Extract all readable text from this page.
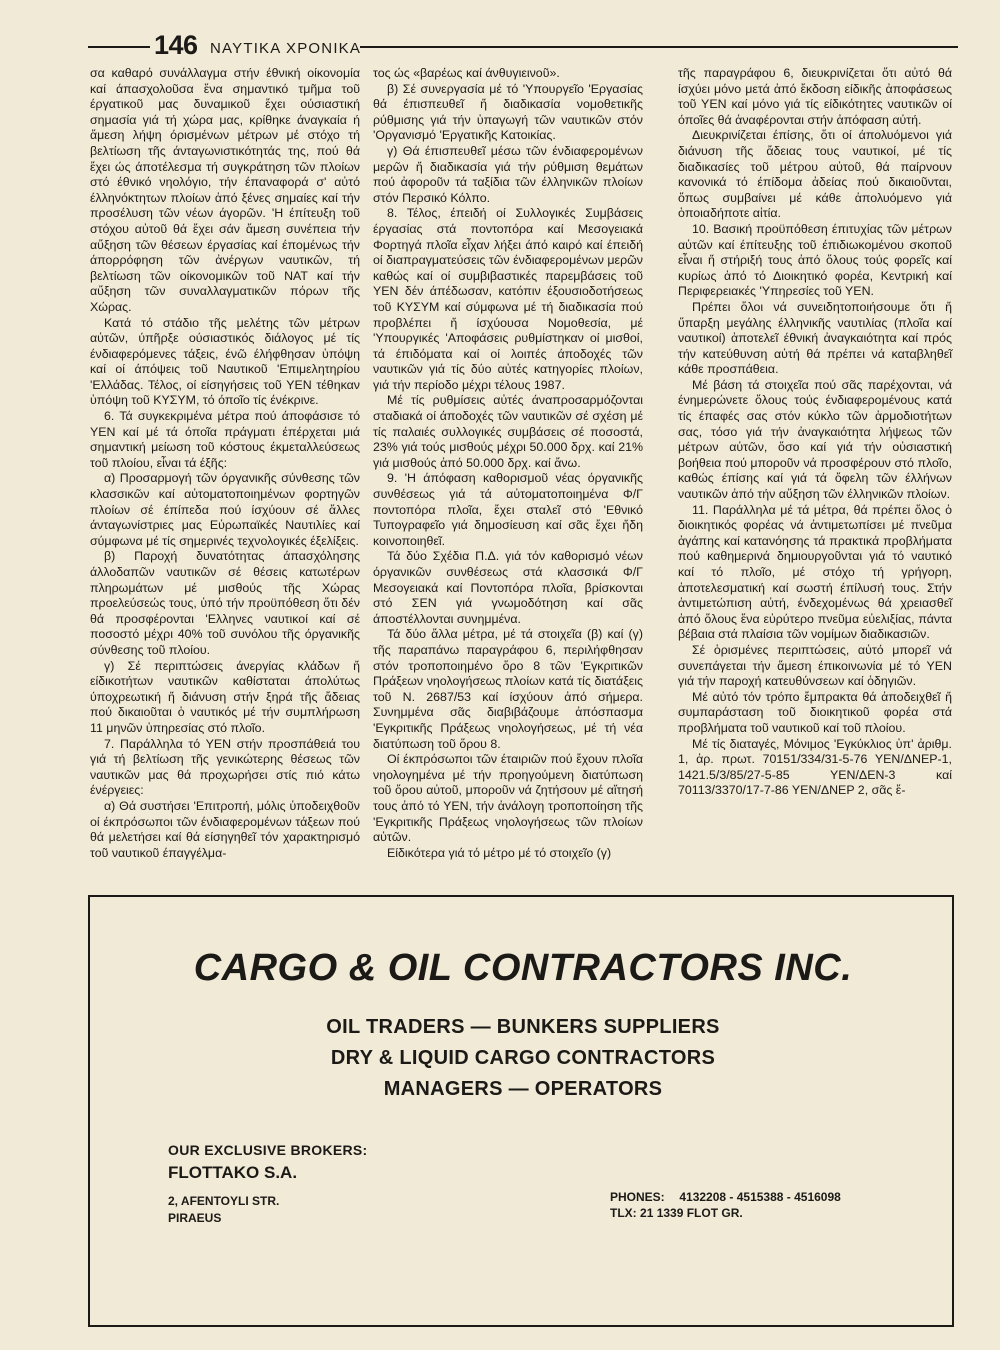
146 ΝΑΥΤΙΚΑ ΧΡΟΝΙΚΑ

σα καθαρό συνάλλαγμα στήν έθνική οίκονομία καί άπασχολοῦσα ἕνα σημαντικό τμῆμα τοῦ έργατικοῦ μας δυναμικοῦ ἔχει ούσιαστική σημασία γιά τή χώρα μας, κρίθηκε άναγκαία ή ἄμεση λήψη όρισμένων μέτρων μέ στόχο τή βελτίωση τῆς άνταγωνιστικότητάς της, πού θά ἔχει ώς άποτέλεσμα τή συγκράτηση τῶν πλοίων στό έθνικό νηολόγιο, τήν έπαναφορά σ' αὐτό έλληνόκτητων πλοίων ἀπό ξένες σημαίες καί τήν προσέλυση τῶν νέων άγορῶν. 'Η έπίτευξη τοῦ στόχου αὐτοῦ θά ἔχει σάν ἄμεση συνέπεια τήν αὔξηση τῶν θέσεων έργασίας καί έπομένως τήν άπορρόφηση τῶν ἀνέργων ναυτικῶν, τή βελτίωση τῶν οίκονομικῶν τοῦ ΝΑΤ καί τήν αὔξηση τῶν συναλλαγματικῶν πόρων τῆς Χώρας.

Κατά τό στάδιο τῆς μελέτης τῶν μέτρων αὐτῶν, ύπῆρξε ούσιαστικός διάλογος μέ τίς ένδιαφερόμενες τάξεις, ένῶ έλήφθησαν ὑπόψη καί οί άπόψεις τοῦ Ναυτικοῦ 'Επιμελητηρίου 'Ελλάδας. Τέλος, οί είσηγήσεις τοῦ ΥΕΝ τέθηκαν ὑπόψη τοῦ ΚΥΣΥΜ, τό όποῖο τίς ένέκρινε.

6. Τά συγκεκριμένα μέτρα πού άποφάσισε τό ΥΕΝ καί μέ τά όποῖα πράγματι έπέρχεται μιά σημαντική μείωση τοῦ κόστους έκμεταλλεύσεως τοῦ πλοίου, εἶναι τά έξῆς:

α) Προσαρμογή τῶν όργανικῆς σύνθεσης τῶν κλασσικῶν καί αὐτοματοποιημένων φορτηγῶν πλοίων σέ έπίπεδα πού ίσχύουν σέ ἄλλες άνταγωνίστριες μας Εὐρωπαϊκές Ναυτιλίες καί σύμφωνα μέ τίς σημερινές τεχνολογικές έξελίξεις.

β) Παροχή δυνατότητας άπασχόλησης άλλοδαπῶν ναυτικῶν σέ θέσεις κατωτέρων πληρωμάτων μέ μισθούς τῆς Χώρας προελεύσεώς τους, ὑπό τήν προϋπόθεση ὅτι δέν θά προσφέρονται 'Ελληνες ναυτικοί καί σέ ποσοστό μέχρι 40% τοῦ συνόλου τῆς όργανικῆς σύνθεσης τοῦ πλοίου.

γ) Σέ περιπτώσεις άνεργίας κλάδων ἤ είδικοτήτων ναυτικῶν καθίσταται άπολύτως ύποχρεωτική ἤ διάνυση στήν ξηρά τῆς ἄδειας πού δικαιοῦται ὁ ναυτικός μέ τήν συμπλήρωση 11 μηνῶν ὑπηρεσίας στό πλοῖο.

7. Παράλληλα τό ΥΕΝ στήν προσπάθειά του γιά τή βελτίωση τῆς γενικώτερης θέσεως τῶν ναυτικῶν μας θά προχωρήσει στίς πιό κάτω ένέργειες:

α) Θά συστήσει 'Επιτροπή, μόλις ὑποδειχθοῦν οί έκπρόσωποι τῶν ένδιαφερομένων τάξεων πού θά μελετήσει καί θά είσηγηθεῖ τόν χαρακτηρισμό τοῦ ναυτικοῦ έπαγγέλμα-

τος ώς «βαρέως καί άνθυγιεινοῦ».

β) Σέ συνεργασία μέ τό 'Υπουργεῖο 'Εργασίας θά έπισπευθεῖ ἤ διαδικασία νομοθετικῆς ρύθμισης γιά τήν ὑπαγωγή τῶν ναυτικῶν στόν 'Οργανισμό 'Εργατικῆς Κατοικίας.

γ) Θά έπισπευθεῖ μέσω τῶν ένδιαφερομένων μερῶν ἤ διαδικασία γιά τήν ρύθμιση θεμάτων πού ἀφοροῦν τά ταξίδια τῶν έλληνικῶν πλοίων στόν Περσικό Κόλπο.

8. Τέλος, έπειδή οί Συλλογικές Συμβάσεις έργασίας στά ποντοπόρα καί Μεσογειακά Φορτηγά πλοῖα εἶχαν λήξει άπό καιρό καί έπειδή οί διαπραγματεύσεις τῶν ένδιαφερομένων μερῶν καθώς καί οί συμβιβαστικές παρεμβάσεις τοῦ ΥΕΝ δέν άπέδωσαν, κατόπιν έξουσιοδοτήσεως τοῦ ΚΥΣΥΜ καί σύμφωνα μέ τή διαδικασία πού προβλέπει ἤ ίσχύουσα Νομοθεσία, μέ 'Υπουργικές 'Αποφάσεις ρυθμίστηκαν οί μισθοί, τά έπιδόματα καί οί λοιπές άποδοχές τῶν ναυτικῶν γιά τίς δύο αὐτές κατηγορίες πλοίων, γιά τήν περίοδο μέχρι τέλους 1987.

Μέ τίς ρυθμίσεις αὐτές άναπροσαρμόζονται σταδιακά οί άποδοχές τῶν ναυτικῶν σέ σχέση μέ τίς παλαιές συλλογικές συμβάσεις σέ ποσοστά, 23% γιά τούς μισθούς μέχρι 50.000 δρχ. καί 21% γιά μισθούς ἀπό 50.000 δρχ. καί ἄνω.

9. 'Η άπόφαση καθορισμοῦ νέας όργανικῆς συνθέσεως γιά τά αὐτοματοποιημένα Φ/Γ ποντοπόρα πλοῖα, ἔχει σταλεῖ στό 'Εθνικό Τυπογραφεῖο γιά δημοσίευση καί σᾶς ἔχει ἤδη κοινοποιηθεῖ.

Τά δύο Σχέδια Π.Δ. γιά τόν καθορισμό νέων όργανικῶν συνθέσεως στά κλασσικά Φ/Γ Μεσογειακά καί Ποντοπόρα πλοῖα, βρίσκονται στό ΣΕΝ γιά γνωμοδότηση καί σᾶς άποστέλλονται συνημμένα.

Τά δύο ἄλλα μέτρα, μέ τά στοιχεῖα (β) καί (γ) τῆς παραπάνω παραγράφου 6, περιλήφθησαν στόν τροποποιημένο ὅρο 8 τῶν 'Εγκριτικῶν Πράξεων νηολογήσεως πλοίων κατά τίς διατάξεις τοῦ Ν. 2687/53 καί ίσχύουν ἀπό σήμερα. Συνημμένα σᾶς διαβιβάζουμε ἀπόσπασμα 'Εγκριτικῆς Πράξεως νηολογήσεως, μέ τή νέα διατύπωση τοῦ ὅρου 8.

Οί έκπρόσωποι τῶν έταιριῶν πού ἔχουν πλοῖα νηολογημένα μέ τήν προηγούμενη διατύπωση τοῦ ὅρου αὐτοῦ, μποροῦν νά ζητήσουν μέ αἴτησή τους ἀπό τό ΥΕΝ, τήν ἀνάλογη τροποποίηση τῆς 'Εγκριτικῆς Πράξεως νηολογήσεως τῶν πλοίων αὐτῶν.

Είδικότερα γιά τό μέτρο μέ τό στοιχεῖο (γ)

τῆς παραγράφου 6, διευκρινίζεται ὅτι αὐτό θά ίσχύει μόνο μετά ἀπό ἔκδοση είδικῆς ἀποφάσεως τοῦ ΥΕΝ καί μόνο γιά τίς είδικότητες ναυτικῶν οί όποῖες θά ἀναφέρονται στήν ἀπόφαση αὐτή.

Διευκρινίζεται έπίσης, ὅτι οί άπολυόμενοι γιά διάνυση τῆς ἄδειας τους ναυτικοί, μέ τίς διαδικασίες τοῦ μέτρου αὐτοῦ, θά παίρνουν κανονικά τό έπίδομα ἀδείας πού δικαιοῦνται, ὅπως συμβαίνει μέ κάθε ἀπολυόμενο γιά ὁποιαδήποτε αἰτία.

10. Βασική προϋπόθεση έπιτυχίας τῶν μέτρων αὐτῶν καί έπίτευξης τοῦ έπιδιωκομένου σκοποῦ εἶναι ἤ στήριξή τους ἀπό ὅλους τούς φορεῖς καί κυρίως ἀπό τό Διοικητικό φορέα, Κεντρική καί Περιφερειακές 'Υπηρεσίες τοῦ ΥΕΝ.

Πρέπει ὅλοι νά συνειδητοποιήσουμε ὅτι ἤ ὕπαρξη μεγάλης έλληνικῆς ναυτιλίας (πλοῖα καί ναυτικοί) ἀποτελεῖ έθνική ἀναγκαιότητα καί πρός τήν κατεύθυνση αὐτή θά πρέπει νά καταβληθεῖ κάθε προσπάθεια.

Μέ βάση τά στοιχεῖα πού σᾶς παρέχονται, νά ένημερώνετε ὅλους τούς ένδιαφερομένους κατά τίς έπαφές σας στόν κύκλο τῶν ἁρμοδιοτήτων σας, τόσο γιά τήν ἀναγκαιότητα λήψεως τῶν μέτρων αὐτῶν, ὅσο καί γιά τήν οὐσιαστική βοήθεια πού μποροῦν νά προσφέρουν στό πλοῖο, καθώς έπίσης καί γιά τά ὄφελη τῶν έλλήνων ναυτικῶν ἀπό τήν αὔξηση τῶν έλληνικῶν πλοίων.

11. Παράλληλα μέ τά μέτρα, θά πρέπει ὅλος ὁ διοικητικός φορέας νά ἀντιμετωπίσει μέ πνεῦμα ἀγάπης καί κατανόησης τά πρακτικά προβλήματα πού καθημερινά δημιουργοῦνται γιά τό ναυτικό καί τό πλοῖο, μέ στόχο τή γρήγορη, ἀποτελεσματική καί σωστή έπίλυσή τους. Στήν ἀντιμετώπιση αὐτή, ένδεχομένως θά χρειασθεῖ ἀπό ὅλους ἕνα εὐρύτερο πνεῦμα εὐελιξίας, πάντα βέβαια στά πλαίσια τῶν νομίμων διαδικασιῶν.

Σέ ὁρισμένες περιπτώσεις, αὐτό μπορεῖ νά συνεπάγεται τήν ἄμεση έπικοινωνία μέ τό ΥΕΝ γιά τήν παροχή κατευθύνσεων καί ὁδηγιῶν.

Μέ αὐτό τόν τρόπο ἔμπρακτα θά ἀποδειχθεῖ ἤ συμπαράσταση τοῦ διοικητικοῦ φορέα στά προβλήματα τοῦ ναυτικοῦ καί τοῦ πλοίου.

Μέ τίς διαταγές, Μόνιμος 'Εγκύκλιος ὑπ' ἀριθμ. 1, ἀρ. πρωτ. 70151/334/31-5-76 ΥΕΝ/ΔΝΕΡ-1, 1421.5/3/85/27-5-85 ΥΕΝ/ΔΕΝ-3 καί 70113/3370/17-7-86 ΥΕΝ/ΔΝΕΡ 2, σᾶς ἔ-

CARGO & OIL CONTRACTORS INC.
OIL TRADERS — BUNKERS SUPPLIERS
DRY & LIQUID CARGO CONTRACTORS
MANAGERS — OPERATORS
OUR EXCLUSIVE BROKERS:
FLOTTAKO S.A.
2, AFENTOYLI STR.
PIRAEUS
PHONES: 4132208 - 4515388 - 4516098
TLX: 21 1339 FLOT GR.
